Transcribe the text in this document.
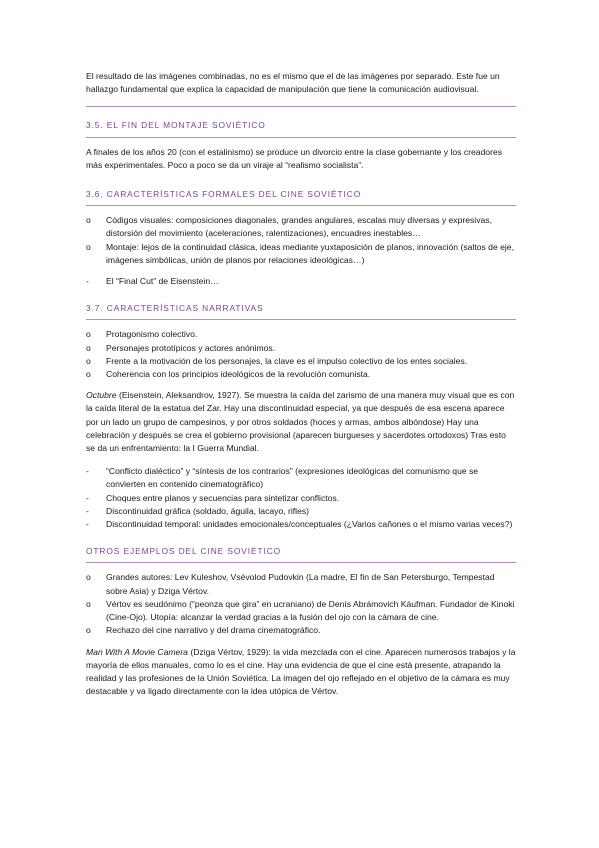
El resultado de las imágenes combinadas, no es el mismo que el de las imágenes por separado. Este fue un hallazgo fundamental que explica la capacidad de manipulación que tiene la comunicación audiovisual.

3.5. EL FIN DEL MONTAJE SOVIÉTICO

A finales de los años 20 (con el estalinismo) se produce un divorcio entre la clase gobernante y los creadores más experimentales. Poco a poco se da un viraje al “realismo socialista”.

3.6. CARACTERÍSTICAS FORMALES DEL CINE SOVIÉTICO
o	Códigos visuales: composiciones diagonales, grandes angulares, escalas muy diversas y expresivas, distorsión del movimiento (aceleraciones, ralentizaciones), encuadres inestables…
o	Montaje: lejos de la continuidad clásica, ideas mediante yuxtaposición de planos, innovación (saltos de eje, imágenes simbólicas, unión de planos por relaciones ideológicas…)
-	El “Final Cut” de Eisenstein…
3.7. CARACTERÍSTICAS NARRATIVAS
o	Protagonismo colectivo.
o	Personajes prototípicos y actores anónimos.
o	Frente a la motivación de los personajes, la clave es el impulso colectivo de los entes sociales.
o	Coherencia con los principios ideológicos de la revolución comunista.

Octubre (Eisenstein, Aleksandrov, 1927). Se muestra la caída del zarismo de una manera muy visual que es con la caída literal de la estatua del Zar. Hay una discontinuidad especial, ya que después de esa escena aparece por un lado un grupo de campesinos, y por otros soldados (hoces y armas, ambos albóndose) Hay una celebración y después se crea el gobierno provisional (aparecen burgueses y sacerdotes ortodoxos) Tras esto se da un enfrentamiento: la I Guerra Mundial.

-	“Conflicto dialéctico” y “síntesis de los contrarios” (expresiones ideológicas del comunismo que se convierten en contenido cinematográfico)
-	Choques entre planos y secuencias para sintetizar conflictos.
-	Discontinuidad gráfica (soldado, águila, lacayo, rifles)
-	Discontinuidad temporal: unidades emocionales/conceptuales (¿Varios cañones o el mismo varias veces?)
OTROS EJEMPLOS DEL CINE SOVIÉTICO
o	Grandes autores: Lev Kuleshov, Vsévolod Pudovkin (La madre, El fin de San Petersburgo, Tempestad sobre Asia) y Dziga Vértov.
o	Vértov es seudónimo (“peonza que gira” en ucraniano) de Denís Abrámovich Káufman. Fundador de Kinoki (Cine-Ojo). Utopía: alcanzar la verdad gracias a la fusión del ojo con la cámara de cine.
o	Rechazo del cine narrativo y del drama cinematográfico.

Man With A Movie Camera (Dziga Vértov, 1929): la vida mezclada con el cine. Aparecen numerosos trabajos y la mayoría de ellos manuales, como lo es el cine. Hay una evidencia de que el cine está presente, atrapando la realidad y las profesiones de la Unión Soviética. La imagen del ojo reflejado en el objetivo de la cámara es muy destacable y va ligado directamente con la idea utópica de Vértov.
